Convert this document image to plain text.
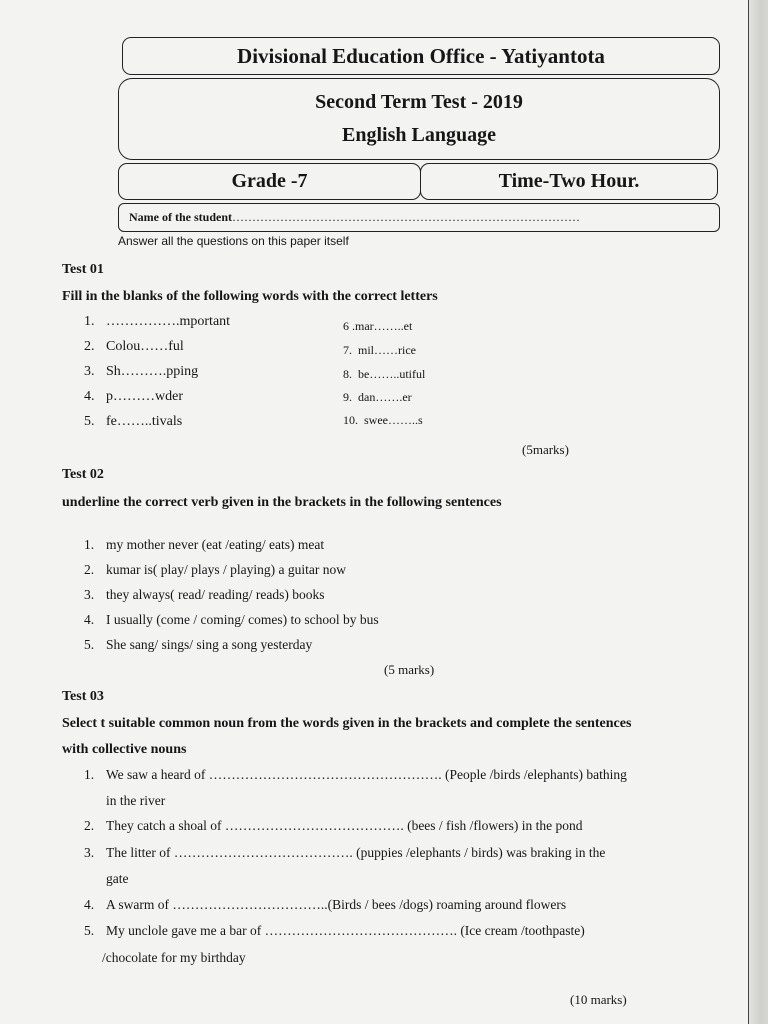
Divisional Education Office - Yatiyantota
Second Term Test - 2019
English Language
Grade -7	Time-Two Hour.
Name of the student ……………………………………………………………………………
Answer all the questions on this paper itself
Test 01
Fill in the blanks of the following words with the correct letters
1. …………….mportant
2. Colou……ful
3. Sh……….pping
4. p………wder
5. fe……..tivals
6 .mar……..et
7. mil……rice
8. be……..utiful
9. dan…….er
10. swee……..s
(5marks)
Test 02
underline the correct verb given in the brackets in the following sentences
1. my mother never (eat /eating/ eats) meat
2. kumar is( play/ plays / playing) a guitar now
3. they always( read/ reading/ reads) books
4. I usually (come / coming/ comes) to school by bus
5. She sang/ sings/ sing a song yesterday
(5 marks)
Test 03
Select t suitable common noun from the words given in the brackets and complete the sentences
with collective nouns
1. We saw a heard of ……………………………………………. (People /birds /elephants) bathing
in the river
2. They catch a shoal of …………………………………. (bees / fish /flowers) in the pond
3. The litter of …………………………………. (puppies /elephants / birds) was braking in the
gate
4. A swarm of ……………………………..(Birds / bees /dogs) roaming around flowers
5. My unclole gave me a bar of ……………………………………. (Ice cream /toothpaste)
/chocolate for my birthday
(10 marks)
